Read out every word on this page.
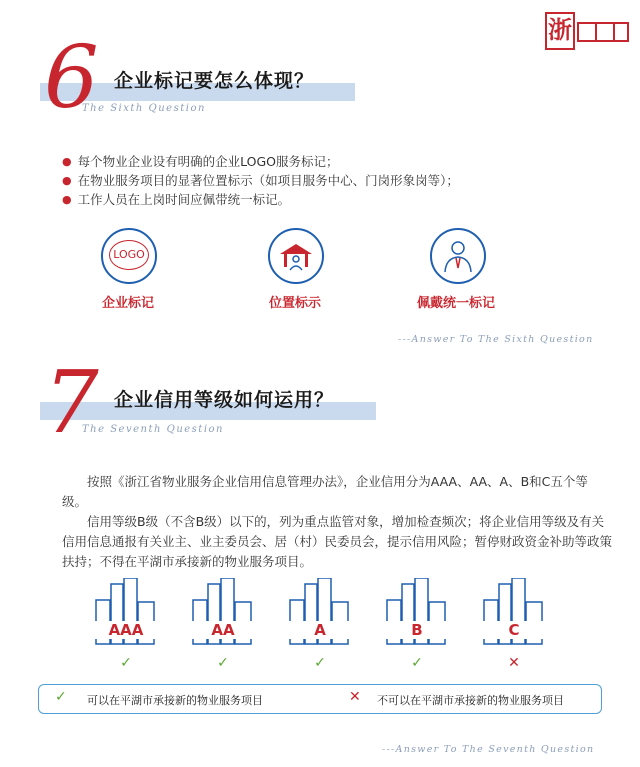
浙
6 企业标记要怎么体现？
The Sixth Question
● 每个物业企业设有明确的企业LOGO服务标记；
● 在物业服务项目的显著位置标示（如项目服务中心、门岗形象岗等）；
● 工作人员在上岗时间应佩带统一标记。
LOGO
企业标记	位置标示	佩戴统一标记
---Answer To The Sixth Question
7 企业信用等级如何运用？
The Seventh Question
按照《浙江省物业服务企业信用信息管理办法》，企业信用分为AAA、AA、A、B和C五个等级。
信用等级B级（不含B级）以下的，列为重点监管对象，增加检查频次；将企业信用等级及有关信用信息通报有关业主、业主委员会、居（村）民委员会，提示信用风险；暂停财政资金补助等政策扶持；不得在平湖市承接新的物业服务项目。
AAA
✓
AA
✓
A
✓
B
✓
C
✕
✓ 可以在平湖市承接新的物业服务项目	✕ 不可以在平湖市承接新的物业服务项目
---Answer To The Seventh Question
